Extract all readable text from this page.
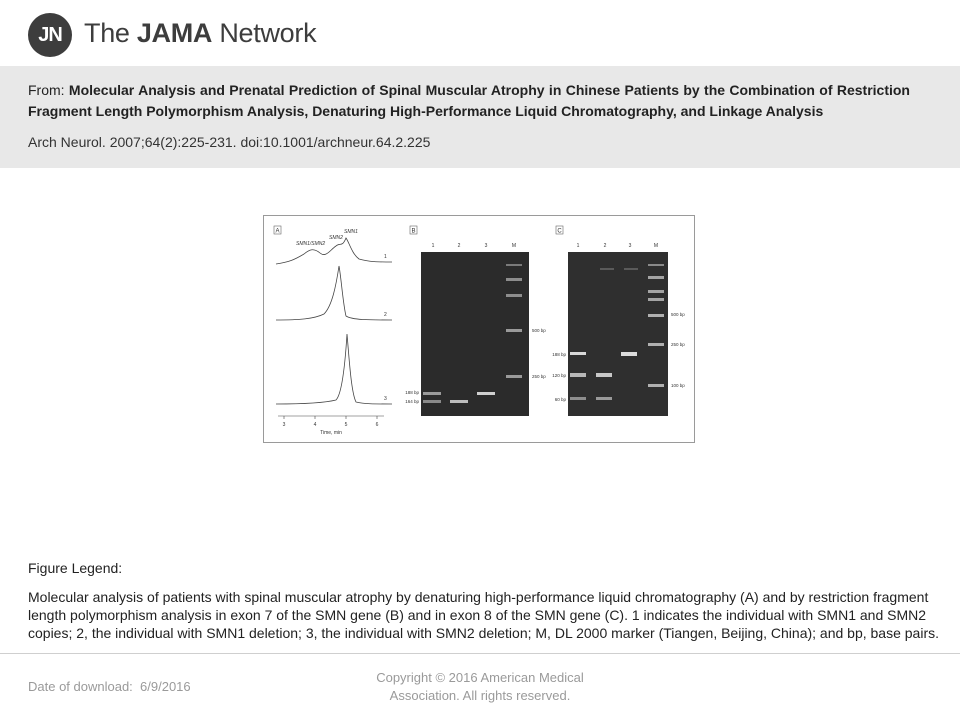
JN The JAMA Network
From: Molecular Analysis and Prenatal Prediction of Spinal Muscular Atrophy in Chinese Patients by the Combination of Restriction Fragment Length Polymorphism Analysis, Denaturing High-Performance Liquid Chromatography, and Linkage Analysis
Arch Neurol. 2007;64(2):225-231. doi:10.1001/archneur.64.2.225
A
SMN1/SMN2
SMN2
SMN1
1
2
3
3	4	5	6
Time, min
B
1	2	3	M
500 bp
250 bp
188 bp
164 bp
C
1	2	3	M
188 bp
120 bp
60 bp
500 bp
250 bp
100 bp
Figure Legend:
Molecular analysis of patients with spinal muscular atrophy by denaturing high-performance liquid chromatography (A) and by restriction fragment length polymorphism analysis in exon 7 of the SMN gene (B) and in exon 8 of the SMN gene (C). 1 indicates the individual with SMN1 and SMN2 copies; 2, the individual with SMN1 deletion; 3, the individual with SMN2 deletion; M, DL 2000 marker (Tiangen, Beijing, China); and bp, base pairs.
Date of download: 6/9/2016
Copyright © 2016 American Medical Association. All rights reserved.
